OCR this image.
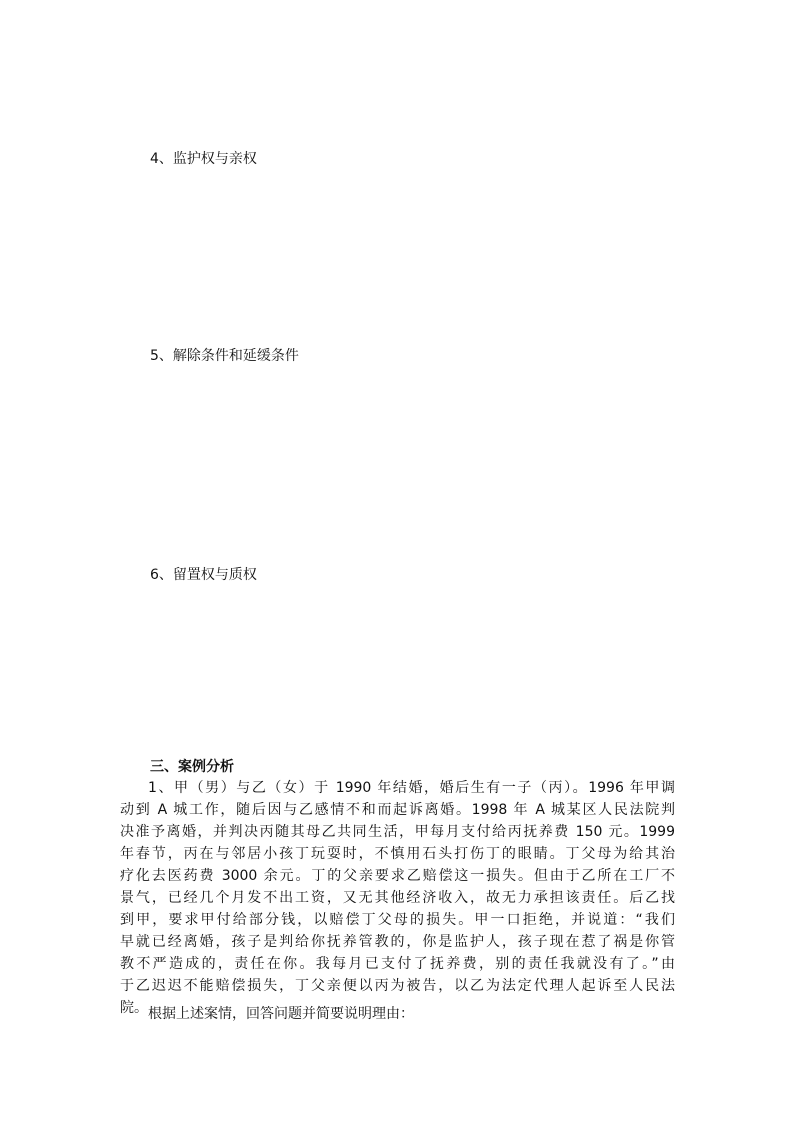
4、监护权与亲权
5、解除条件和延缓条件
6、留置权与质权
三、案例分析
1、甲（男）与乙（女）于 1990 年结婚，婚后生有一子（丙）。1996 年甲调
动到 A 城工作，随后因与乙感情不和而起诉离婚。1998 年 A 城某区人民法院判
决准予离婚，并判决丙随其母乙共同生活，甲每月支付给丙抚养费 150 元。1999
年春节，丙在与邻居小孩丁玩耍时，不慎用石头打伤丁的眼睛。丁父母为给其治
疗化去医药费 3000 余元。丁的父亲要求乙赔偿这一损失。但由于乙所在工厂不
景气，已经几个月发不出工资，又无其他经济收入，故无力承担该责任。后乙找
到甲，要求甲付给部分钱，以赔偿丁父母的损失。甲一口拒绝，并说道：“我们
早就已经离婚，孩子是判给你抚养管教的，你是监护人，孩子现在惹了祸是你管
教不严造成的，责任在你。我每月已支付了抚养费，别的责任我就没有了。”由
于乙迟迟不能赔偿损失，丁父亲便以丙为被告，以乙为法定代理人起诉至人民法
院。 根据上述案情，回答问题并简要说明理由：
